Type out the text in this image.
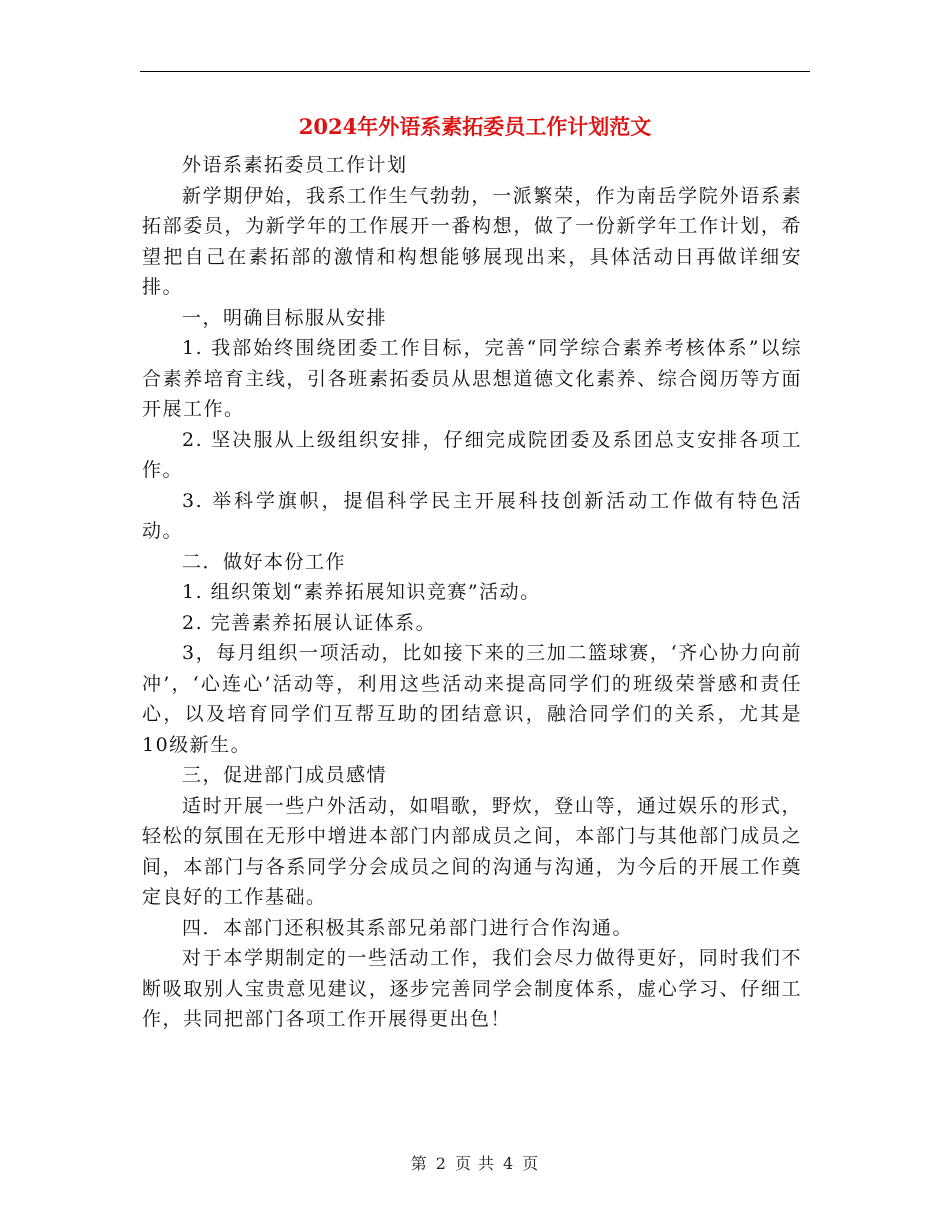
2024年外语系素拓委员工作计划范文

外语系素拓委员工作计划

新学期伊始，我系工作生气勃勃，一派繁荣，作为南岳学院外语系素拓部委员，为新学年的工作展开一番构想，做了一份新学年工作计划，希望把自己在素拓部的激情和构想能够展现出来，具体活动日再做详细安排。

一，明确目标服从安排

1. 我部始终围绕团委工作目标，完善“同学综合素养考核体系”以综合素养培育主线，引各班素拓委员从思想道德文化素养、综合阅历等方面开展工作。

2. 坚决服从上级组织安排，仔细完成院团委及系团总支安排各项工作。

3. 举科学旗帜，提倡科学民主开展科技创新活动工作做有特色活动。

二．做好本份工作

1. 组织策划“素养拓展知识竞赛”活动。

2. 完善素养拓展认证体系。

3，每月组织一项活动，比如接下来的三加二篮球赛，‘齐心协力向前冲’，‘心连心’活动等，利用这些活动来提高同学们的班级荣誉感和责任心，以及培育同学们互帮互助的团结意识，融洽同学们的关系，尤其是10级新生。

三，促进部门成员感情

适时开展一些户外活动，如唱歌，野炊，登山等，通过娱乐的形式，轻松的氛围在无形中增进本部门内部成员之间，本部门与其他部门成员之间，本部门与各系同学分会成员之间的沟通与沟通，为今后的开展工作奠定良好的工作基础。

四．本部门还积极其系部兄弟部门进行合作沟通。

对于本学期制定的一些活动工作，我们会尽力做得更好，同时我们不断吸取别人宝贵意见建议，逐步完善同学会制度体系，虚心学习、仔细工作，共同把部门各项工作开展得更出色！

第 2 页 共 4 页
